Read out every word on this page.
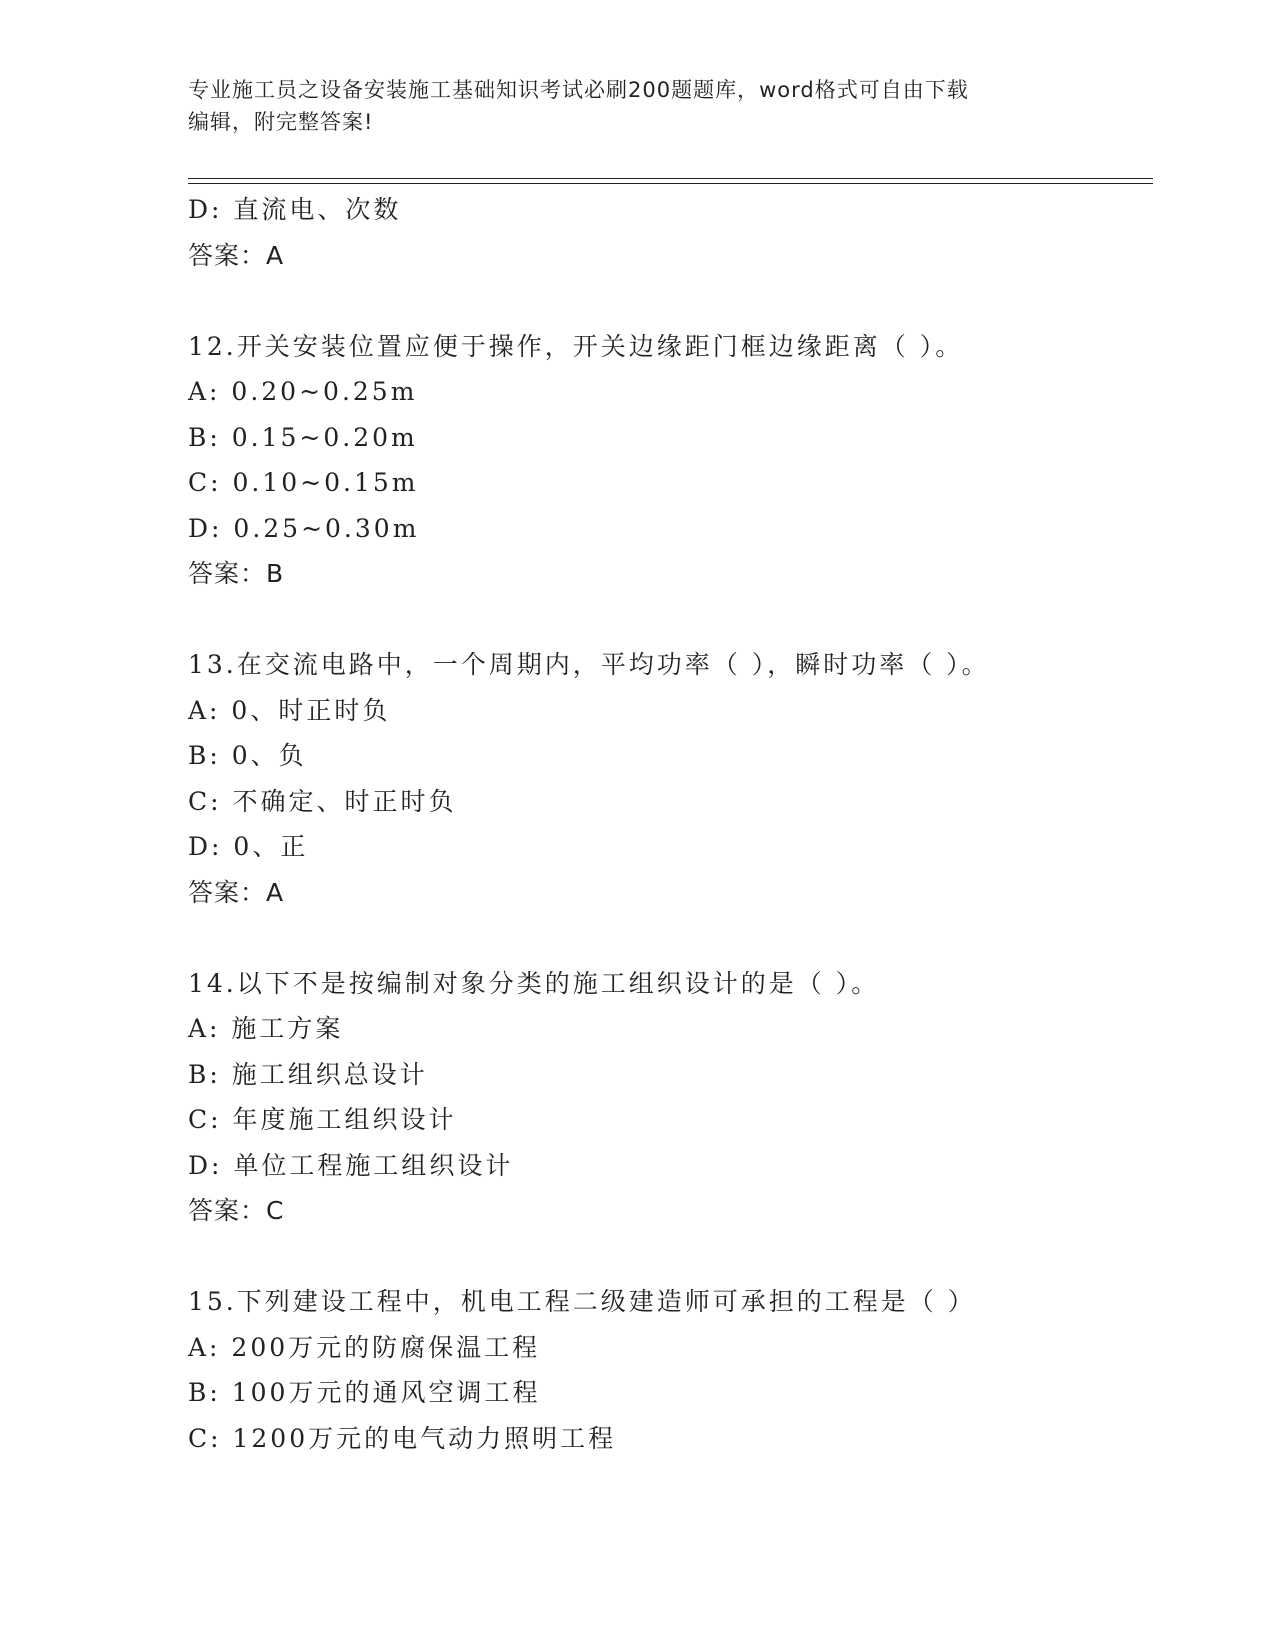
专业施工员之设备安装施工基础知识考试必刷200题题库，word格式可自由下载
编辑，附完整答案!
D: 直流电、次数
答案：A
12.开关安装位置应便于操作，开关边缘距门框边缘距离（ ）。
A: 0.20~0.25m
B: 0.15~0.20m
C: 0.10~0.15m
D: 0.25~0.30m
答案：B
13.在交流电路中，一个周期内，平均功率（ ），瞬时功率（ ）。
A: 0、时正时负
B: 0、负
C: 不确定、时正时负
D: 0、正
答案：A
14.以下不是按编制对象分类的施工组织设计的是（ ）。
A: 施工方案
B: 施工组织总设计
C: 年度施工组织设计
D: 单位工程施工组织设计
答案：C
15.下列建设工程中，机电工程二级建造师可承担的工程是（ ）
A: 200万元的防腐保温工程
B: 100万元的通风空调工程
C: 1200万元的电气动力照明工程
